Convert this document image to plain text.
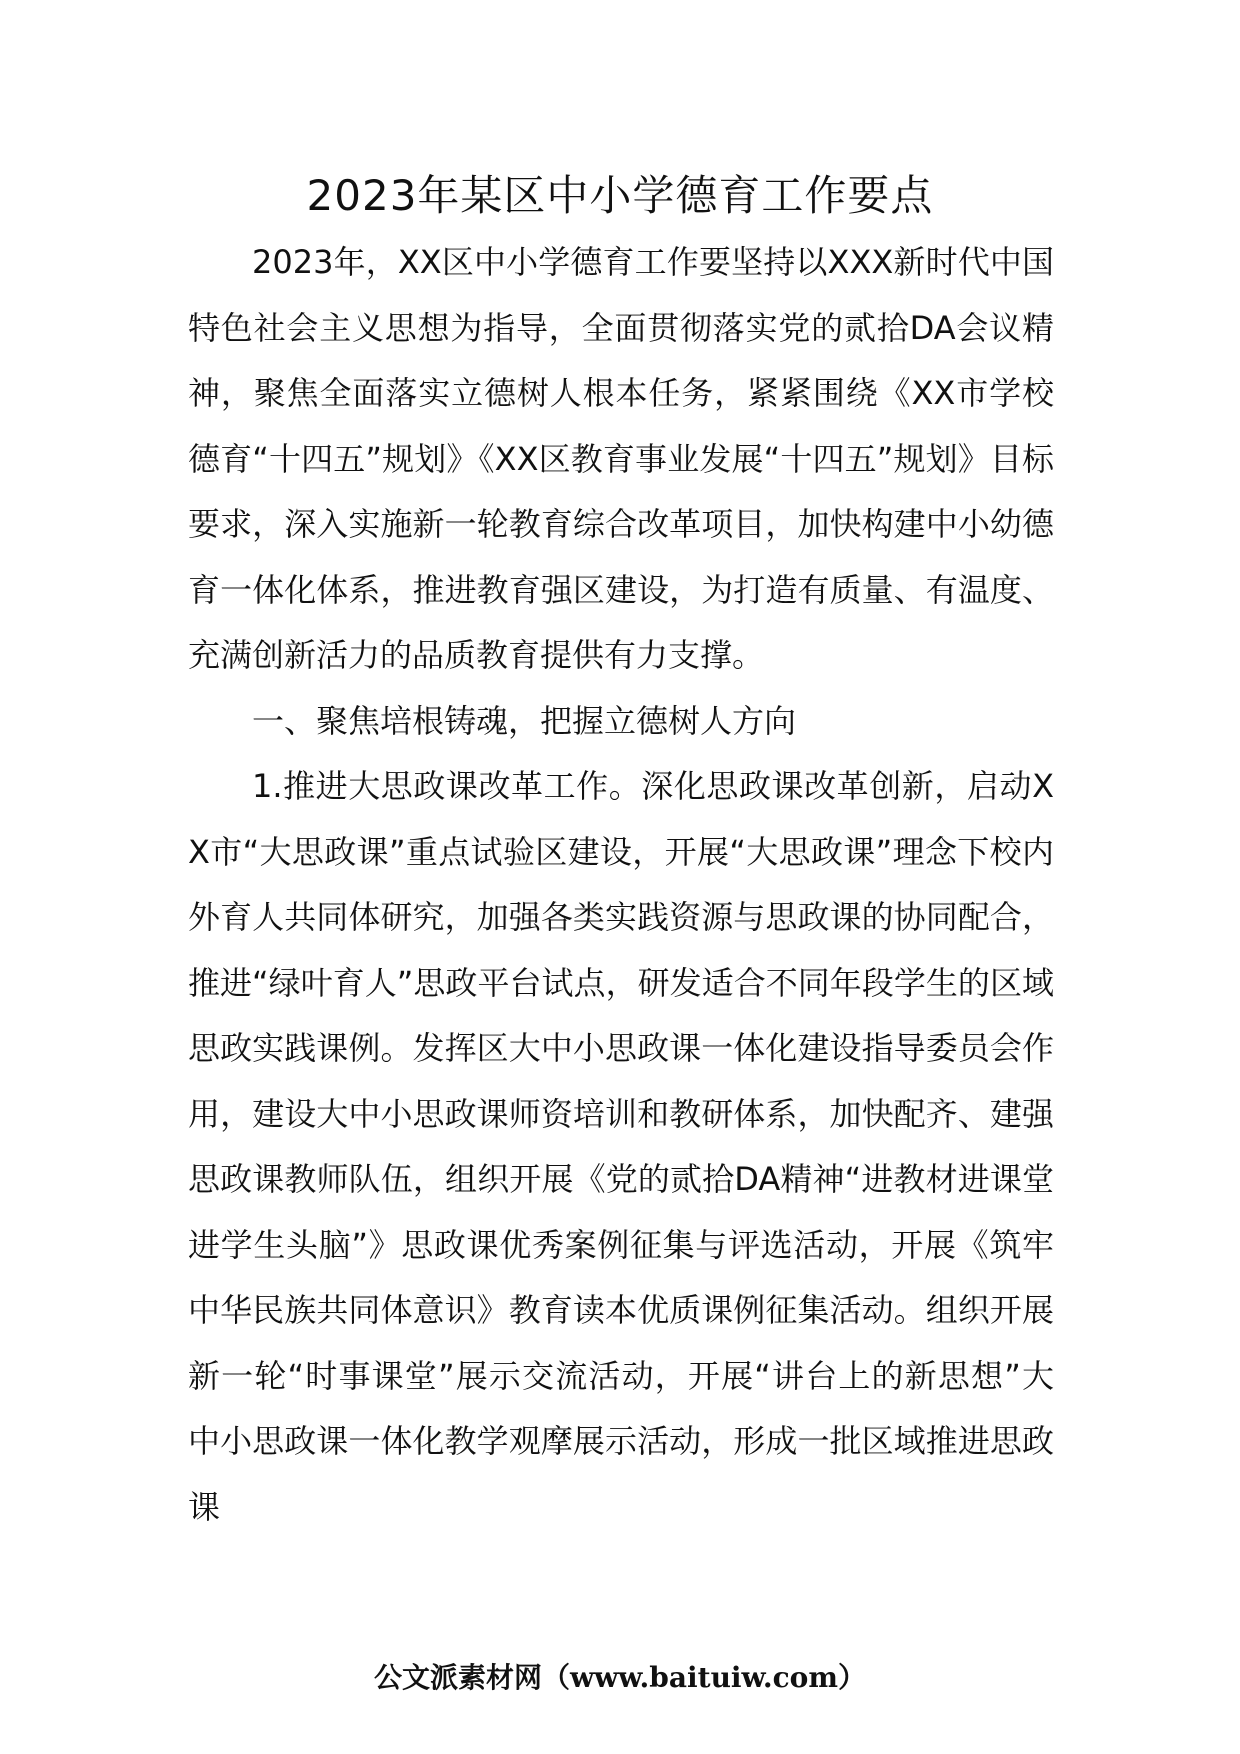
2023年某区中小学德育工作要点

2023年，XX区中小学德育工作要坚持以XXX新时代中国特色社会主义思想为指导，全面贯彻落实党的贰拾DA会议精神，聚焦全面落实立德树人根本任务，紧紧围绕《XX市学校德育“十四五”规划》《XX区教育事业发展“十四五”规划》目标要求，深入实施新一轮教育综合改革项目，加快构建中小幼德育一体化体系，推进教育强区建设，为打造有质量、有温度、充满创新活力的品质教育提供有力支撑。

一、聚焦培根铸魂，把握立德树人方向

1.推进大思政课改革工作。深化思政课改革创新，启动XX市“大思政课”重点试验区建设，开展“大思政课”理念下校内外育人共同体研究，加强各类实践资源与思政课的协同配合，推进“绿叶育人”思政平台试点，研发适合不同年段学生的区域思政实践课例。发挥区大中小思政课一体化建设指导委员会作用，建设大中小思政课师资培训和教研体系，加快配齐、建强思政课教师队伍，组织开展《党的贰拾DA精神“进教材进课堂进学生头脑”》思政课优秀案例征集与评选活动，开展《筑牢中华民族共同体意识》教育读本优质课例征集活动。组织开展新一轮“时事课堂”展示交流活动，开展“讲台上的新思想”大中小思政课一体化教学观摩展示活动，形成一批区域推进思政课

公文派素材网（www.baituiw.com）
